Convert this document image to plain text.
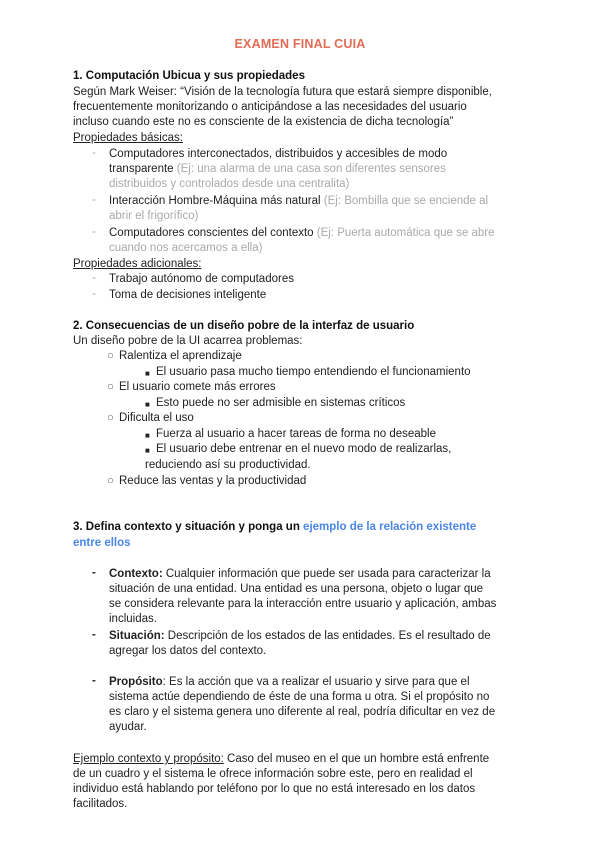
EXAMEN FINAL CUIA
1. Computación Ubicua y sus propiedades
Según Mark Weiser: “Visión de la tecnología futura que estará siempre disponible,
frecuentemente monitorizando o anticipándose a las necesidades del usuario
incluso cuando este no es consciente de la existencia de dicha tecnología”
Propiedades básicas:
- Computadores interconectados, distribuidos y accesibles de modo
transparente (Ej: una alarma de una casa son diferentes sensores
distribuidos y controlados desde una centralita)
- Interacción Hombre-Máquina más natural (Ej: Bombilla que se enciende al
abrir el frigorífico)
- Computadores conscientes del contexto (Ej: Puerta automática que se abre
cuando nos acercamos a ella)
Propiedades adicionales:
- Trabajo autónomo de computadores
- Toma de decisiones inteligente
2. Consecuencias de un diseño pobre de la interfaz de usuario
Un diseño pobre de la UI acarrea problemas:
○ Ralentiza el aprendizaje
■ El usuario pasa mucho tiempo entendiendo el funcionamiento
○ El usuario comete más errores
■ Esto puede no ser admisible en sistemas críticos
○ Dificulta el uso
■ Fuerza al usuario a hacer tareas de forma no deseable
■ El usuario debe entrenar en el nuevo modo de realizarlas,
reduciendo así su productividad.
○ Reduce las ventas y la productividad
3. Defina contexto y situación y ponga un ejemplo de la relación existente
entre ellos
- Contexto: Cualquier información que puede ser usada para caracterizar la
situación de una entidad. Una entidad es una persona, objeto o lugar que
se considera relevante para la interacción entre usuario y aplicación, ambas
incluidas.
- Situación: Descripción de los estados de las entidades. Es el resultado de
agregar los datos del contexto.
- Propósito: Es la acción que va a realizar el usuario y sirve para que el
sistema actúe dependiendo de éste de una forma u otra. Si el propósito no
es claro y el sistema genera uno diferente al real, podría dificultar en vez de
ayudar.
Ejemplo contexto y propósito: Caso del museo en el que un hombre está enfrente
de un cuadro y el sistema le ofrece información sobre este, pero en realidad el
individuo está hablando por teléfono por lo que no está interesado en los datos
facilitados.
